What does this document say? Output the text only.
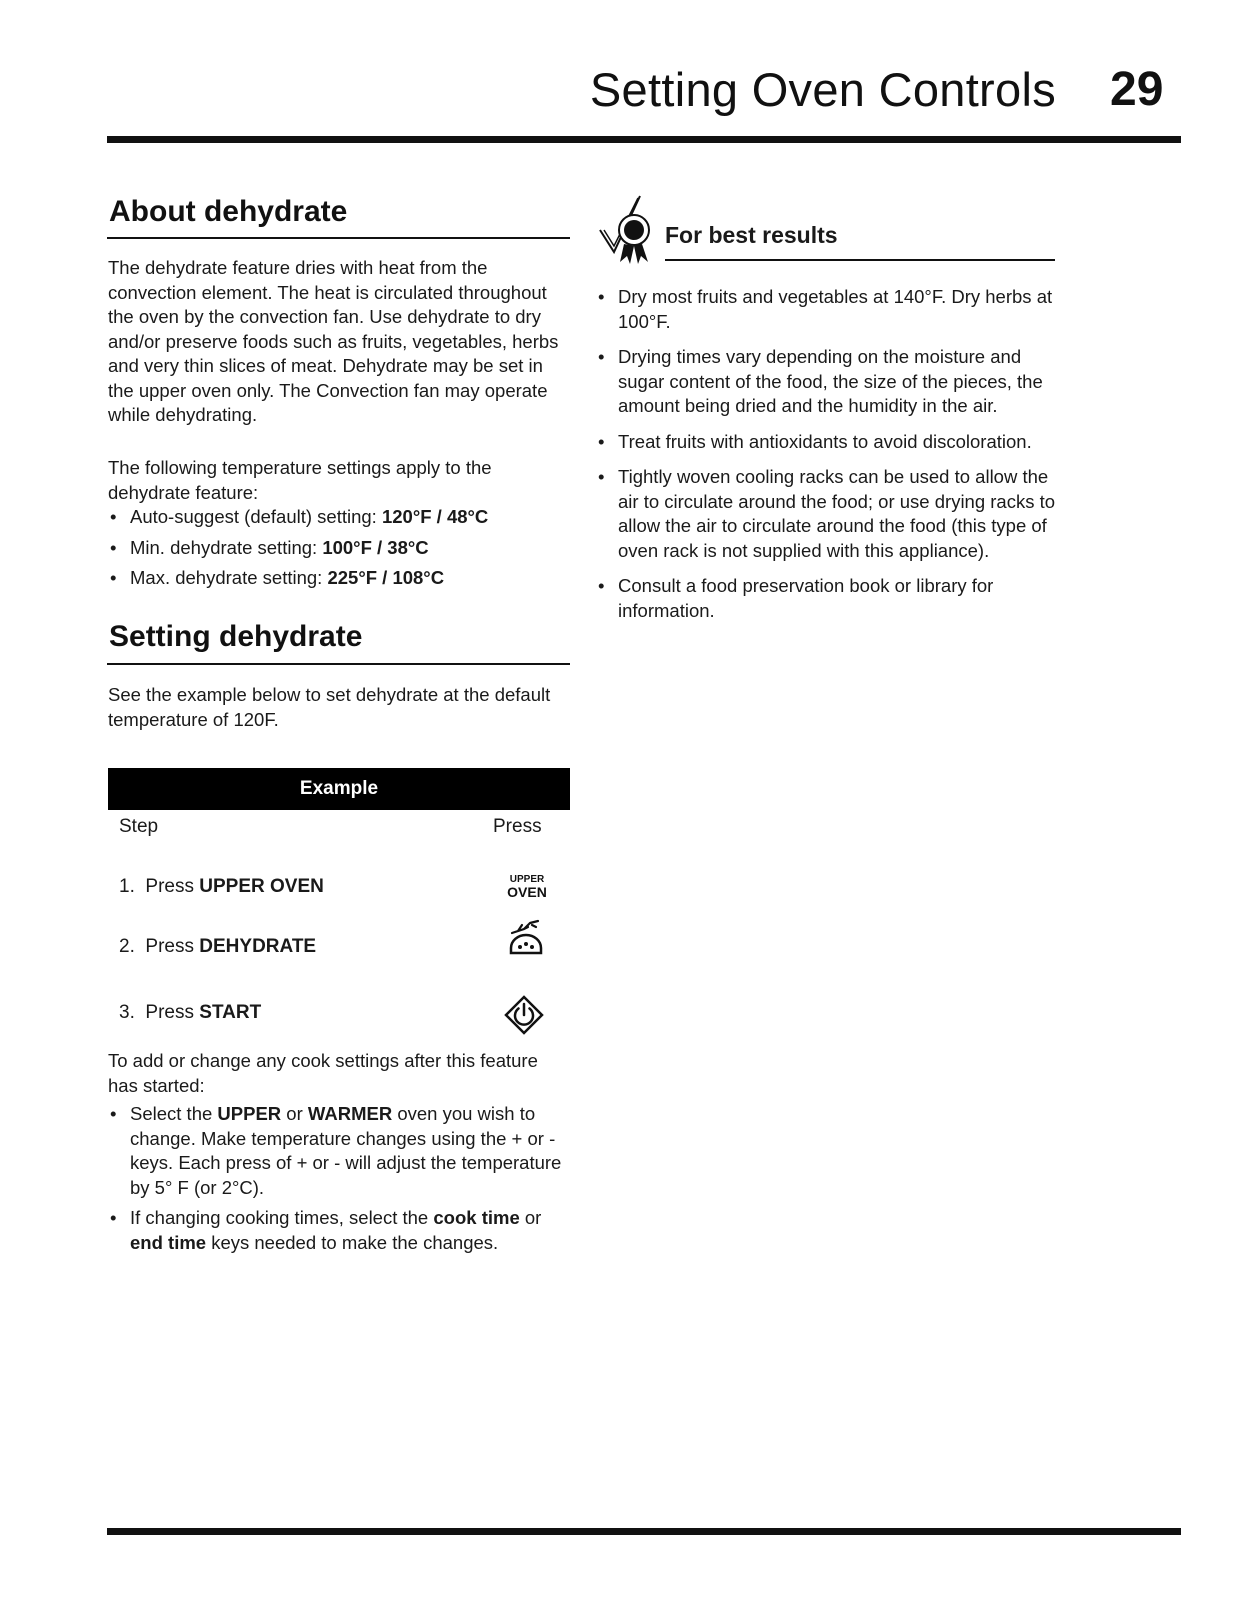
Setting Oven Controls 29
About dehydrate

The dehydrate feature dries with heat from the convection element. The heat is circulated throughout the oven by the convection fan. Use dehydrate to dry and/or preserve foods such as fruits, vegetables, herbs and very thin slices of meat. Dehydrate may be set in the upper oven only. The Convection fan may operate while dehydrating.

The following temperature settings apply to the dehydrate feature:

• Auto-suggest (default) setting: 120°F / 48°C
• Min. dehydrate setting: 100°F / 38°C
• Max. dehydrate setting: 225°F / 108°C
Setting dehydrate

See the example below to set dehydrate at the default temperature of 120F.

Example
Step	Press
1. Press UPPER OVEN	UPPER
OVEN
2. Press DEHYDRATE
3. Press START

To add or change any cook settings after this feature has started:

• Select the UPPER or WARMER oven you wish to change. Make temperature changes using the + or - keys. Each press of + or - will adjust the temperature by 5° F (or 2°C).
• If changing cooking times, select the cook time or end time keys needed to make the changes.
For best results
• Dry most fruits and vegetables at 140°F. Dry herbs at 100°F.
• Drying times vary depending on the moisture and sugar content of the food, the size of the pieces, the amount being dried and the humidity in the air.
• Treat fruits with antioxidants to avoid discoloration.
• Tightly woven cooling racks can be used to allow the air to circulate around the food; or use drying racks to allow the air to circulate around the food (this type of oven rack is not supplied with this appliance).
• Consult a food preservation book or library for information.
